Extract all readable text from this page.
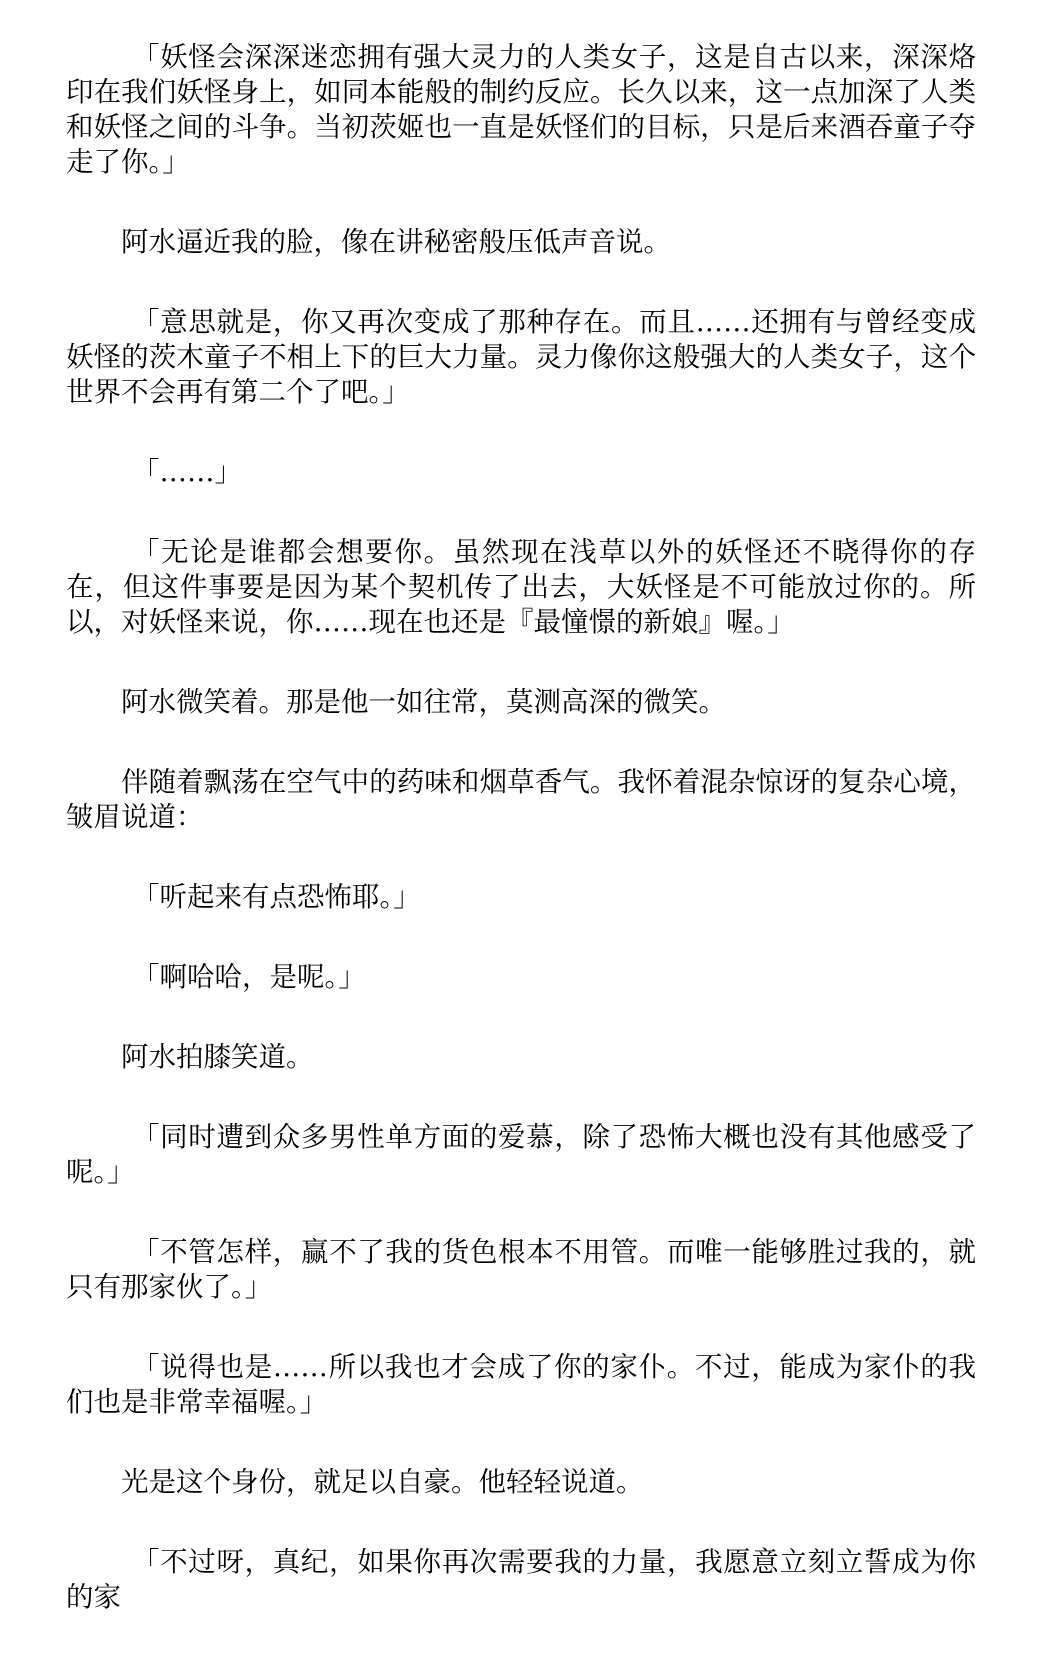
「妖怪会深深迷恋拥有强大灵力的人类女子，这是自古以来，深深烙印在我们妖怪身上，如同本能般的制约反应。长久以来，这一点加深了人类和妖怪之间的斗争。当初茨姬也一直是妖怪们的目标，只是后来酒吞童子夺走了你。」

阿水逼近我的脸，像在讲秘密般压低声音说。

「意思就是，你又再次变成了那种存在。而且……还拥有与曾经变成妖怪的茨木童子不相上下的巨大力量。灵力像你这般强大的人类女子，这个世界不会再有第二个了吧。」

「……」

「无论是谁都会想要你。虽然现在浅草以外的妖怪还不晓得你的存在，但这件事要是因为某个契机传了出去，大妖怪是不可能放过你的。所以，对妖怪来说，你……现在也还是『最憧憬的新娘』喔。」

阿水微笑着。那是他一如往常，莫测高深的微笑。

伴随着飘荡在空气中的药味和烟草香气。我怀着混杂惊讶的复杂心境，皱眉说道：

「听起来有点恐怖耶。」

「啊哈哈，是呢。」

阿水拍膝笑道。

「同时遭到众多男性单方面的爱慕，除了恐怖大概也没有其他感受了呢。」

「不管怎样，赢不了我的货色根本不用管。而唯一能够胜过我的，就只有那家伙了。」

「说得也是……所以我也才会成了你的家仆。不过，能成为家仆的我们也是非常幸福喔。」

光是这个身份，就足以自豪。他轻轻说道。

「不过呀，真纪，如果你再次需要我的力量，我愿意立刻立誓成为你的家
